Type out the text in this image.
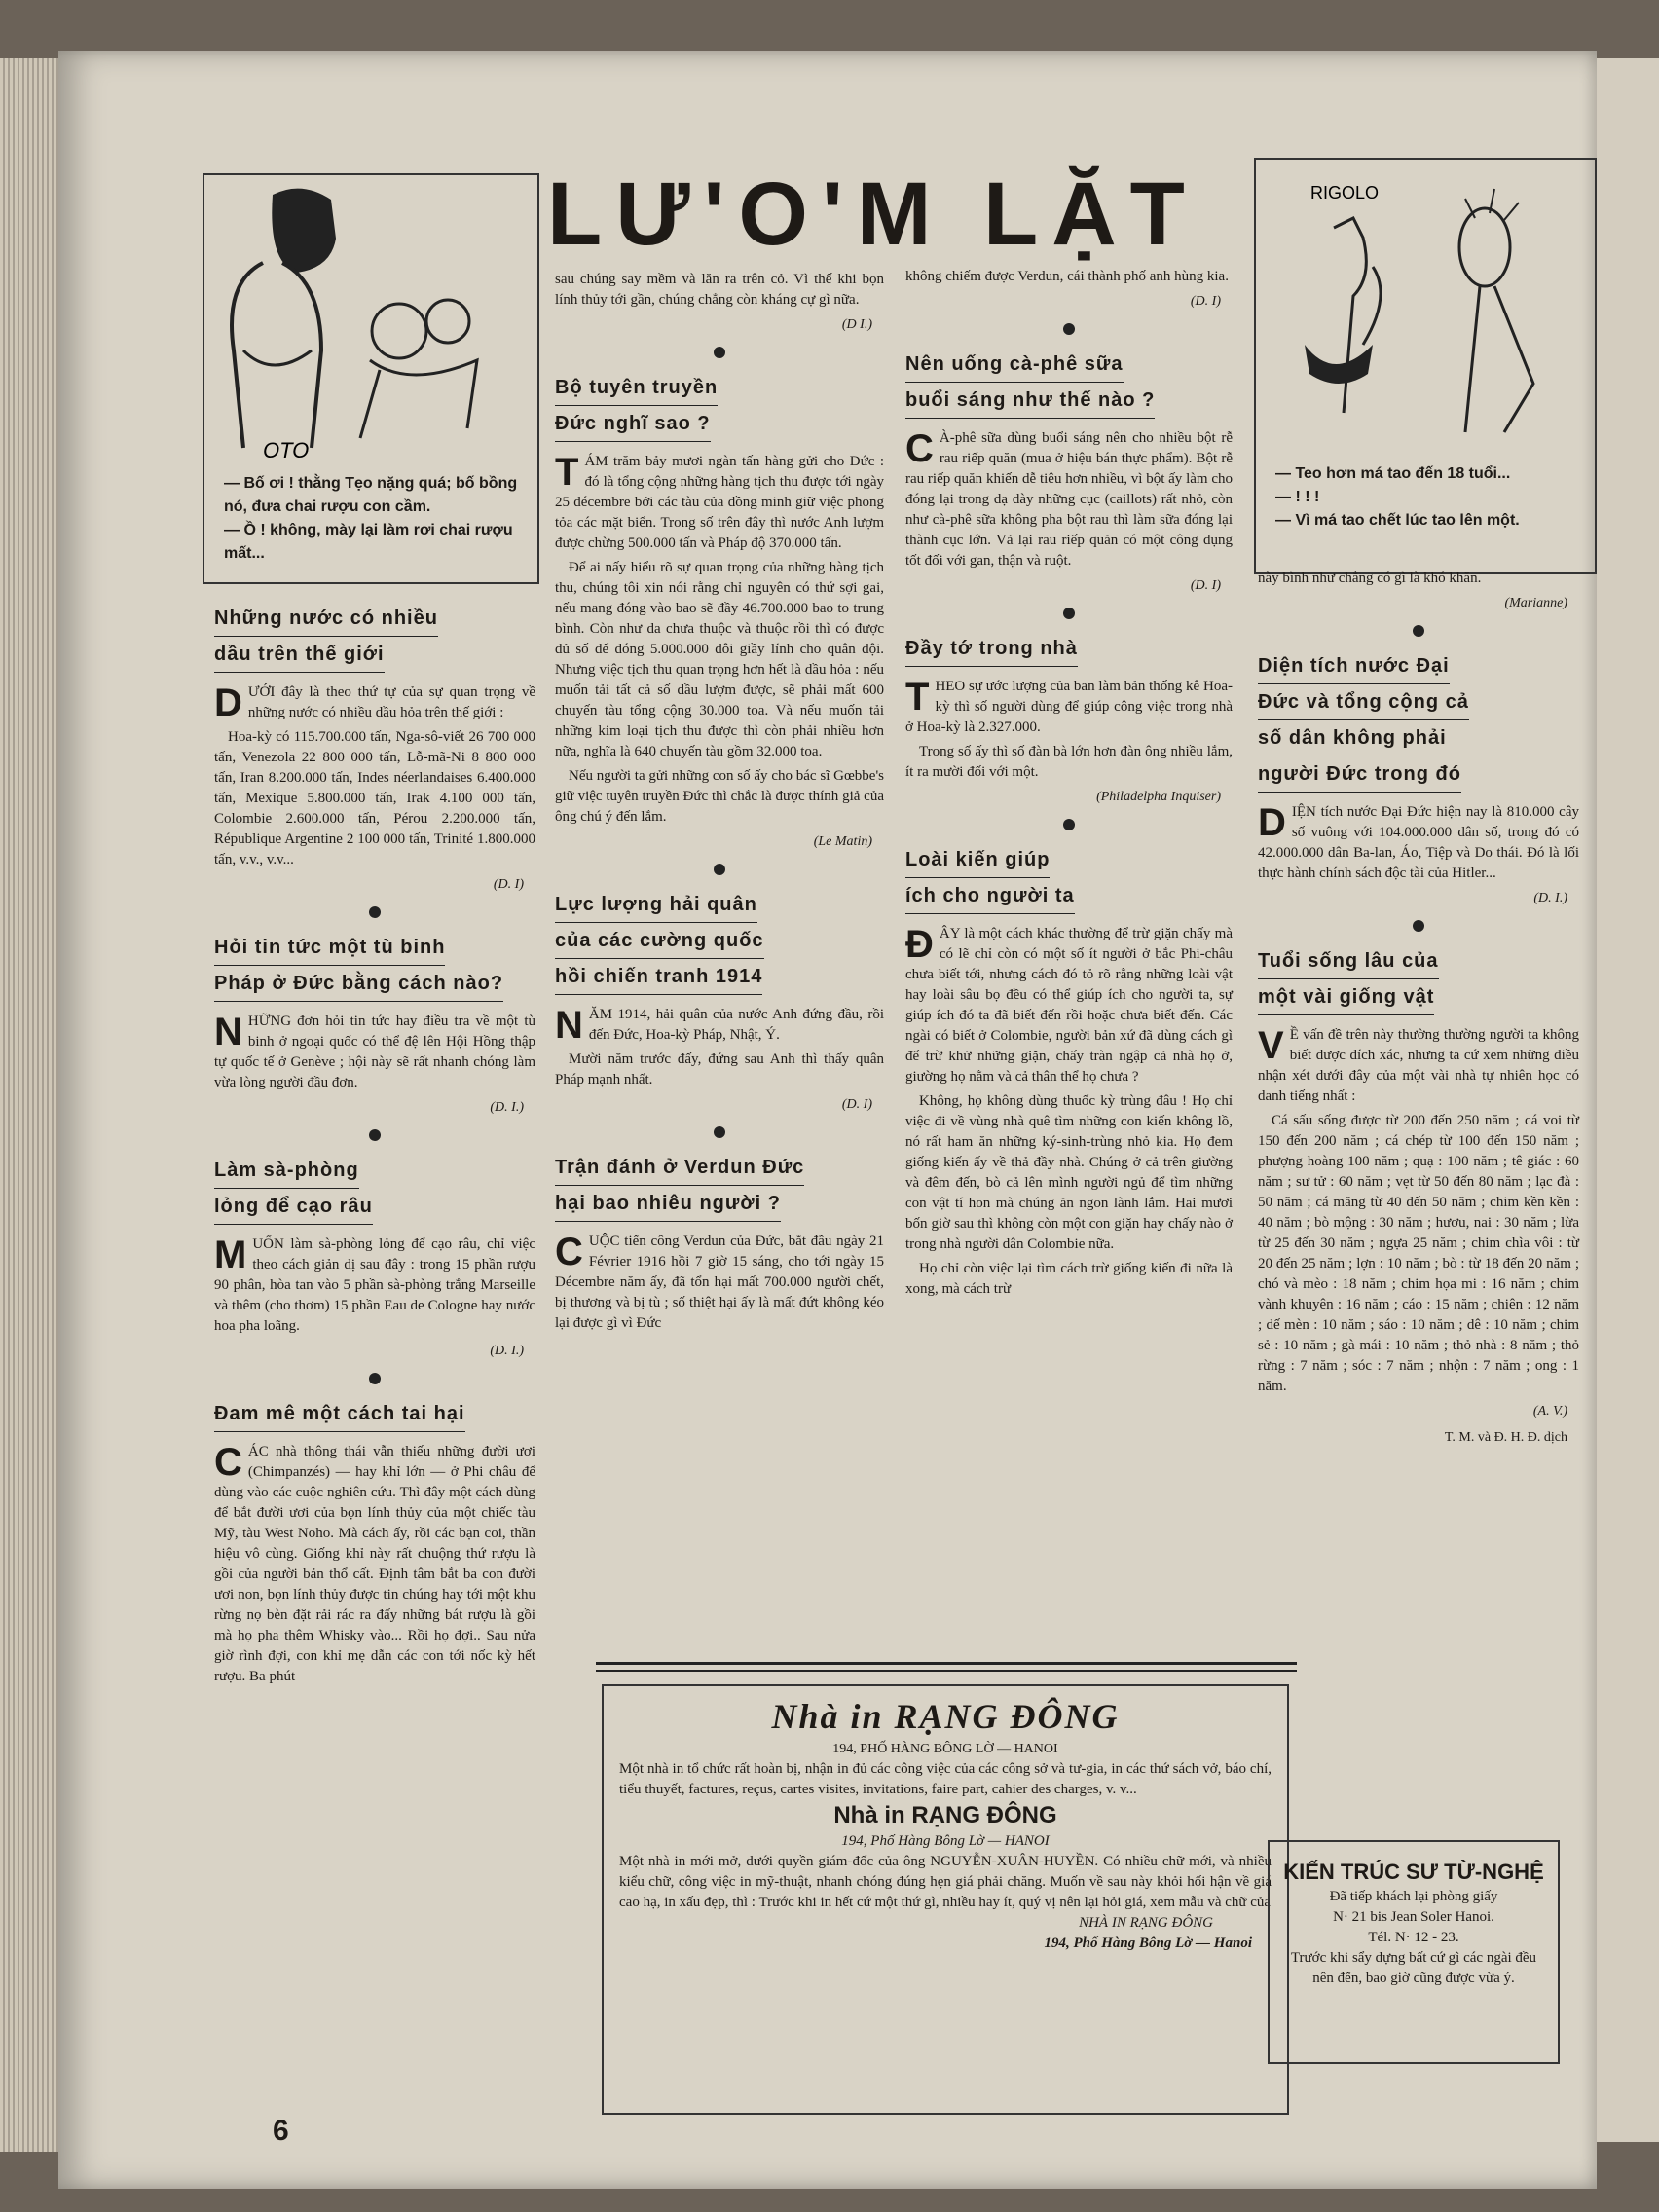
OTO
— Bố ơi ! thằng Tẹo nặng quá; bố bồng nó, đưa chai rượu con cầm.
— Ồ ! không, mày lại làm rơi chai rượu mất...
LƯ'O'M LẶT	RIGOLO
— Teo hơn má tao đến 18 tuổi...
— ! ! !
— Vì má tao chết lúc tao lên một.
Những nước có nhiều
dầu trên thế giới
D ƯỚI đây là theo thứ tự của sự quan trọng về những nước có nhiều dầu hỏa trên thế giới :

Hoa-kỳ có 115.700.000 tấn, Nga-sô-viết 26 700 000 tấn, Venezola 22 800 000 tấn, Lỗ-mã-Ni 8 800 000 tấn, Iran 8.200.000 tấn, Indes néerlandaises 6.400.000 tấn, Mexique 5.800.000 tấn, Irak 4.100 000 tấn, Colombie 2.600.000 tấn, Pérou 2.200.000 tấn, République Argentine 2 100 000 tấn, Trinité 1.800.000 tấn, v.v., v.v...

(D. I)
Hỏi tin tức một tù binh
Pháp ở Đức bằng cách nào?
N HỮNG đơn hỏi tin tức hay điều tra về một tù binh ở ngoại quốc có thể đệ lên Hội Hồng thập tự quốc tế ở Genève ; hội này sẽ rất nhanh chóng làm vừa lòng người đầu đơn.

(D. I.)
Làm sà-phòng
lỏng để cạo râu
M UỐN làm sà-phòng lỏng để cạo râu, chỉ việc theo cách giản dị sau đây : trong 15 phần rượu 90 phân, hòa tan vào 5 phần sà-phòng trắng Marseille và thêm (cho thơm) 15 phần Eau de Cologne hay nước hoa pha loãng.

(D. I.)
Đam mê một cách tai hại
C ÁC nhà thông thái vẫn thiếu những đười ươi (Chimpanzés) — hay khỉ lớn — ở Phi châu để dùng vào các cuộc nghiên cứu. Thì đây một cách dùng để bắt đười ươi của bọn lính thủy của một chiếc tàu Mỹ, tàu West Noho. Mà cách ấy, rồi các bạn coi, thần hiệu vô cùng. Giống khỉ này rất chuộng thứ rượu là gồi của người bản thổ cất. Định tâm bắt ba con đười ươi non, bọn lính thủy được tin chúng hay tới một khu rừng nọ bèn đặt rải rác ra đấy những bát rượu là gồi mà họ pha thêm Whisky vào... Rồi họ đợi.. Sau nửa giờ rình đợi, con khỉ mẹ dẫn các con tới nốc kỳ hết rượu. Ba phút

sau chúng say mềm và lăn ra trên cỏ. Vì thế khi bọn lính thủy tới gần, chúng chẳng còn kháng cự gì nữa.

(D I.)
Bộ tuyên truyền
Đức nghĩ sao ?
T ÁM trăm bảy mươi ngàn tấn hàng gửi cho Đức : đó là tổng cộng những hàng tịch thu được tới ngày 25 décembre bởi các tàu của đồng minh giữ việc phong tỏa các mặt biển. Trong số trên đây thì nước Anh lượm được chừng 500.000 tấn và Pháp độ 370.000 tấn.

Để ai nấy hiểu rõ sự quan trọng của những hàng tịch thu, chúng tôi xin nói rằng chỉ nguyên có thứ sợi gai, nếu mang đóng vào bao sẽ đầy 46.700.000 bao to trung bình. Còn như da chưa thuộc và thuộc rồi thì có được đủ số để đóng 5.000.000 đôi giầy lính cho quân đội. Nhưng việc tịch thu quan trọng hơn hết là dầu hỏa : nếu muốn tải tất cả số dầu lượm được, sẽ phải mất 600 chuyến tàu tổng cộng 30.000 toa. Và nếu muốn tải những kim loại tịch thu được thì còn phải nhiều hơn nữa, nghĩa là 640 chuyến tàu gồm 32.000 toa.

Nếu người ta gửi những con số ấy cho bác sĩ Gœbbe's giữ việc tuyên truyền Đức thì chắc là được thính giả của ông chú ý đến lắm.

(Le Matin)
Lực lượng hải quân
của các cường quốc
hồi chiến tranh 1914
N ĂM 1914, hải quân của nước Anh đứng đầu, rồi đến Đức, Hoa-kỳ Pháp, Nhật, Ý.

Mười năm trước đấy, đứng sau Anh thì thấy quân Pháp mạnh nhất.

(D. I)
Trận đánh ở Verdun Đức
hại bao nhiêu người ?
C UỘC tiến công Verdun của Đức, bắt đầu ngày 21 Février 1916 hồi 7 giờ 15 sáng, cho tới ngày 15 Décembre năm ấy, đã tổn hại mất 700.000 người chết, bị thương và bị tù ; số thiệt hại ấy là mất đứt không kéo lại được gì vì Đức

không chiếm được Verdun, cái thành phố anh hùng kia.

(D. I)
Nên uống cà-phê sữa
buổi sáng như thế nào ?
C À-phê sữa dùng buổi sáng nên cho nhiều bột rễ rau riếp quăn (mua ở hiệu bán thực phẩm). Bột rễ rau riếp quăn khiến dễ tiêu hơn nhiều, vì bột ấy làm cho đóng lại trong dạ dày những cục (caillots) rất nhỏ, còn như cà-phê sữa không pha bột rau thì làm sữa đóng lại thành cục lớn. Vả lại rau riếp quăn có một công dụng tốt đối với gan, thận và ruột.

(D. I)
Đầy tớ trong nhà
T HEO sự ước lượng của ban làm bản thống kê Hoa-kỳ thì số người dùng để giúp công việc trong nhà ở Hoa-kỳ là 2.327.000.

Trong số ấy thì số đàn bà lớn hơn đàn ông nhiều lắm, ít ra mười đối với một.

(Philadelpha Inquiser)
Loài kiến giúp
ích cho người ta
Đ ÂY là một cách khác thường để trừ giặn chấy mà có lẽ chỉ còn có một số ít người ở bắc Phi-châu chưa biết tới, nhưng cách đó tỏ rõ rằng những loài vật hay loài sâu bọ đều có thể giúp ích cho người ta, sự giúp ích đó ta đã biết đến rồi hoặc chưa biết đến. Các ngài có biết ở Colombie, người bản xứ đã dùng cách gì để trừ khử những giặn, chấy tràn ngập cả nhà họ ở, giường họ nằm và cả thân thể họ chưa ?

Không, họ không dùng thuốc kỳ trùng đâu ! Họ chỉ việc đi về vùng nhà quê tìm những con kiến không lồ, nó rất ham ăn những ký-sinh-trùng nhỏ kia. Họ đem giống kiến ấy về thả đầy nhà. Chúng ở cả trên giường và đêm đến, bò cả lên mình người ngủ để tìm những con vật tí hon mà chúng ăn ngon lành lắm. Hai mươi bốn giờ sau thì không còn một con giặn hay chấy nào ở trong nhà người dân Colombie nữa.

Họ chỉ còn việc lại tìm cách trừ giống kiến đi nữa là xong, mà cách trừ

này bình như chẳng có gì là khó khăn.

(Marianne)
Diện tích nước Đại
Đức và tổng cộng cả
số dân không phải
người Đức trong đó
D IỆN tích nước Đại Đức hiện nay là 810.000 cây số vuông với 104.000.000 dân số, trong đó có 42.000.000 dân Ba-lan, Áo, Tiệp và Do thái. Đó là lối thực hành chính sách độc tài của Hitler...

(D. I.)
Tuổi sống lâu của
một vài giống vật
V Ề vấn đề trên này thường thường người ta không biết được đích xác, nhưng ta cứ xem những điều nhận xét dưới đây của một vài nhà tự nhiên học có danh tiếng nhất :

Cá sấu sống được từ 200 đến 250 năm ; cá voi từ 150 đến 200 năm ; cá chép từ 100 đến 150 năm ; phượng hoàng 100 năm ; quạ : 100 năm ; tê giác : 60 năm ; sư tử : 60 năm ; vẹt từ 50 đến 80 năm ; lạc đà : 50 năm ; cá măng từ 40 đến 50 năm ; chim kền kền : 40 năm ; bò mộng : 30 năm ; hươu, nai : 30 năm ; lừa từ 25 đến 30 năm ; ngựa 25 năm ; chim chìa vôi : từ 20 đến 25 năm ; lợn : 10 năm ; bò : từ 18 đến 20 năm ; chó và mèo : 18 năm ; chim họa mi : 16 năm ; chim vành khuyên : 16 năm ; cáo : 15 năm ; chiên : 12 năm ; dế mèn : 10 năm ; sáo : 10 năm ; dê : 10 năm ; chim sẻ : 10 năm ; gà mái : 10 năm ; thỏ nhà : 8 năm ; thỏ rừng : 7 năm ; sóc : 7 năm ; nhộn : 7 năm ; ong : 1 năm.

(A. V.)
T. M. và Đ. H. Đ. dịch
Nhà in RẠNG ĐÔNG
194, PHỐ HÀNG BÔNG LỜ — HANOI
Một nhà in tổ chức rất hoàn bị, nhận in đủ các công việc của các công sở và tư-gia, in các thứ sách vở, báo chí, tiểu thuyết, factures, reçus, cartes visites, invitations, faire part, cahier des charges, v. v...
Nhà in RẠNG ĐÔNG
194, Phố Hàng Bông Lờ — HANOI
Một nhà in mới mở, dưới quyền giám-đốc của ông NGUYỄN-XUÂN-HUYỀN. Có nhiều chữ mới, và nhiều kiểu chữ, công việc in mỹ-thuật, nhanh chóng đúng hẹn giá phải chăng. Muốn về sau này khỏi hối hận về giá cao hạ, in xấu đẹp, thì : Trước khi in hết cứ một thứ gì, nhiều hay ít, quý vị nên lại hỏi giá, xem mẫu và chữ của
NHÀ IN RẠNG ĐÔNG
194, Phố Hàng Bông Lờ — Hanoi
KIẾN TRÚC SƯ TỪ-NGHỆ
Đã tiếp khách lại phòng giấy
N· 21 bis Jean Soler Hanoi.
Tél. N· 12 - 23.
Trước khi sẩy dựng bất cứ gì các ngài đều nên đến, bao giờ cũng được vừa ý.
6
